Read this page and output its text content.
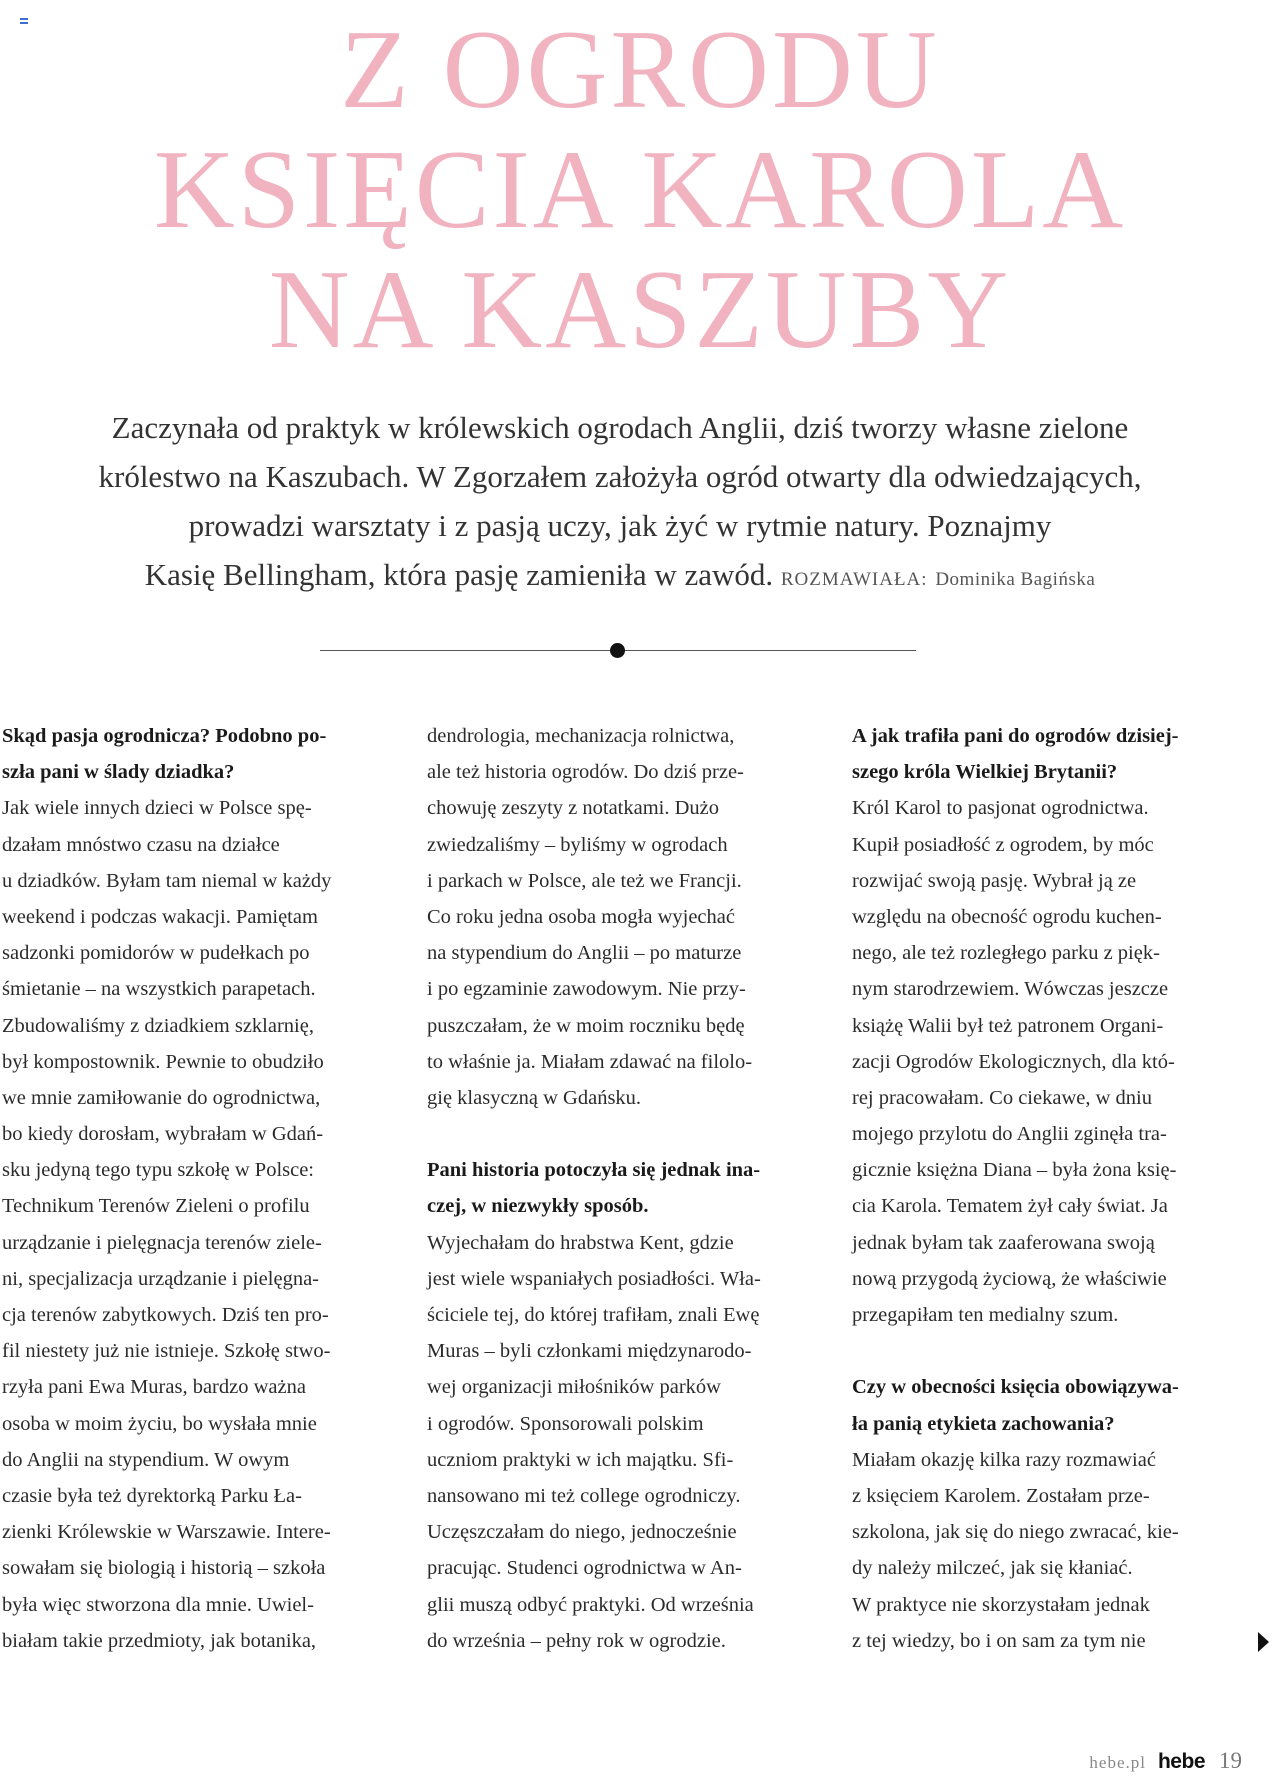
Z OGRODU
KSIĘCIA KAROLA
NA KASZUBY
Zaczynała od praktyk w królewskich ogrodach Anglii, dziś tworzy własne zielone
królestwo na Kaszubach. W Zgorzałem założyła ogród otwarty dla odwiedzających,
prowadzi warsztaty i z pasją uczy, jak żyć w rytmie natury. Poznajmy
Kasię Bellingham, która pasję zamieniła w zawód. ROZMAWIAŁA: Dominika Bagińska
Skąd pasja ogrodnicza? Podobno po-
szła pani w ślady dziadka?
Jak wiele innych dzieci w Polsce spę-
dzałam mnóstwo czasu na działce
u dziadków. Byłam tam niemal w każdy
weekend i podczas wakacji. Pamiętam
sadzonki pomidorów w pudełkach po
śmietanie – na wszystkich parapetach.
Zbudowaliśmy z dziadkiem szklarnię,
był kompostownik. Pewnie to obudziło
we mnie zamiłowanie do ogrodnictwa,
bo kiedy dorosłam, wybrałam w Gdań-
sku jedyną tego typu szkołę w Polsce:
Technikum Terenów Zieleni o profilu
urządzanie i pielęgnacja terenów ziele-
ni, specjalizacja urządzanie i pielęgna-
cja terenów zabytkowych. Dziś ten pro-
fil niestety już nie istnieje. Szkołę stwo-
rzyła pani Ewa Muras, bardzo ważna
osoba w moim życiu, bo wysłała mnie
do Anglii na stypendium. W owym
czasie była też dyrektorką Parku Ła-
zienki Królewskie w Warszawie. Intere-
sowałam się biologią i historią – szkoła
była więc stworzona dla mnie. Uwiel-
białam takie przedmioty, jak botanika,
dendrologia, mechanizacja rolnictwa,
ale też historia ogrodów. Do dziś prze-
chowuję zeszyty z notatkami. Dużo
zwiedzaliśmy – byliśmy w ogrodach
i parkach w Polsce, ale też we Francji.
Co roku jedna osoba mogła wyjechać
na stypendium do Anglii – po maturze
i po egzaminie zawodowym. Nie przy-
puszczałam, że w moim roczniku będę
to właśnie ja. Miałam zdawać na filolo-
gię klasyczną w Gdańsku.
Pani historia potoczyła się jednak ina-
czej, w niezwykły sposób.
Wyjechałam do hrabstwa Kent, gdzie
jest wiele wspaniałych posiadłości. Wła-
ściciele tej, do której trafiłam, znali Ewę
Muras – byli członkami międzynarodo-
wej organizacji miłośników parków
i ogrodów. Sponsorowali polskim
uczniom praktyki w ich majątku. Sfi-
nansowano mi też college ogrodniczy.
Uczęszczałam do niego, jednocześnie
pracując. Studenci ogrodnictwa w An-
glii muszą odbyć praktyki. Od września
do września – pełny rok w ogrodzie.
A jak trafiła pani do ogrodów dzisiej-
szego króla Wielkiej Brytanii?
Król Karol to pasjonat ogrodnictwa.
Kupił posiadłość z ogrodem, by móc
rozwijać swoją pasję. Wybrał ją ze
względu na obecność ogrodu kuchen-
nego, ale też rozległego parku z pięk-
nym starodrzewiem. Wówczas jeszcze
książę Walii był też patronem Organi-
zacji Ogrodów Ekologicznych, dla któ-
rej pracowałam. Co ciekawe, w dniu
mojego przylotu do Anglii zginęła tra-
gicznie księżna Diana – była żona księ-
cia Karola. Tematem żył cały świat. Ja
jednak byłam tak zaaferowana swoją
nową przygodą życiową, że właściwie
przegapiłam ten medialny szum.
Czy w obecności księcia obowiązywa-
ła panią etykieta zachowania?
Miałam okazję kilka razy rozmawiać
z księciem Karolem. Zostałam prze-
szkolona, jak się do niego zwracać, kie-
dy należy milczeć, jak się kłaniać.
W praktyce nie skorzystałam jednak
z tej wiedzy, bo i on sam za tym nie
hebe.pl hebe 19
